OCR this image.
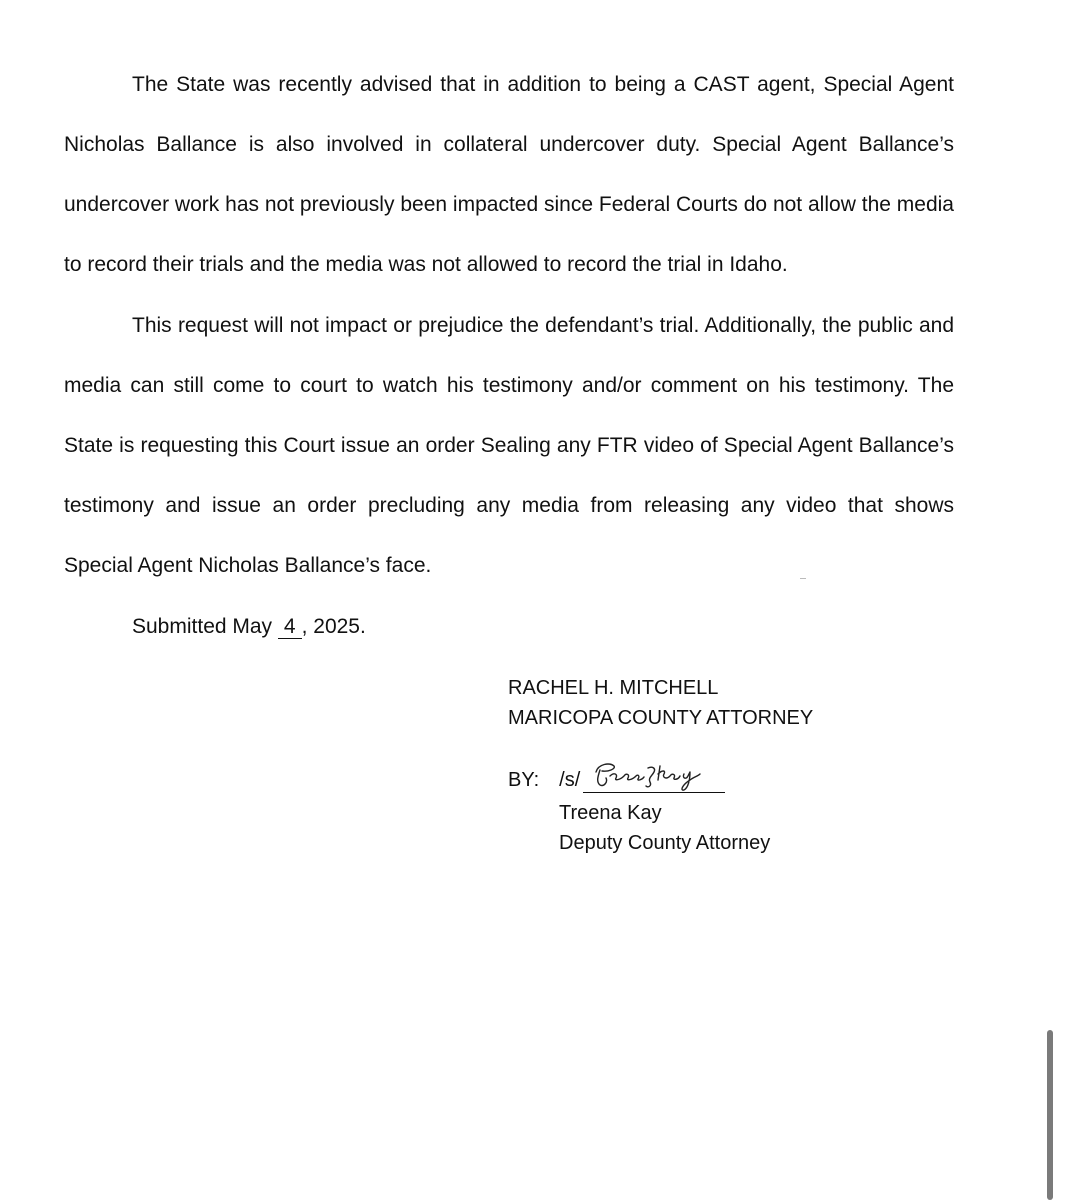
The State was recently advised that in addition to being a CAST agent, Special Agent Nicholas Ballance is also involved in collateral undercover duty. Special Agent Ballance’s undercover work has not previously been impacted since Federal Courts do not allow the media to record their trials and the media was not allowed to record the trial in Idaho.

This request will not impact or prejudice the defendant’s trial. Additionally, the public and media can still come to court to watch his testimony and/or comment on his testimony. The State is requesting this Court issue an order Sealing any FTR video of Special Agent Ballance’s testimony and issue an order precluding any media from releasing any video that shows Special Agent Nicholas Ballance’s face.

Submitted May 4 , 2025.
RACHEL H. MITCHELL
MARICOPA COUNTY ATTORNEY
BY: /s/
Treena Kay
Deputy County Attorney
